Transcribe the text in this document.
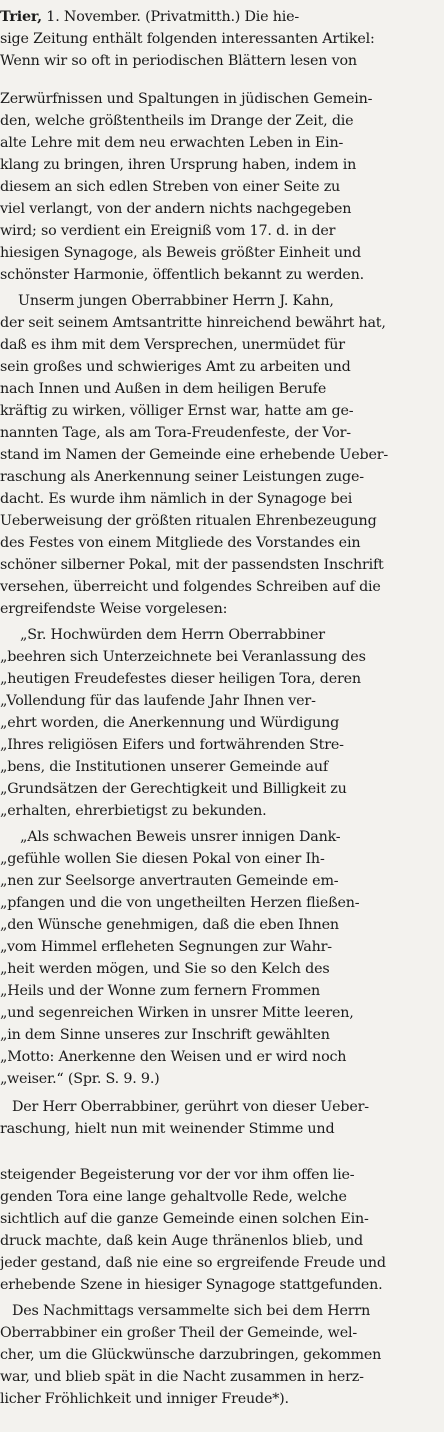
Trier, 1. November. (Privatmitth.) Die hie-
sige Zeitung enthält folgenden interessanten Artikel:
Wenn wir so oft in periodischen Blättern lesen von
Zerwürfnissen und Spaltungen in jüdischen Gemein-
den, welche größtentheils im Drange der Zeit, die
alte Lehre mit dem neu erwachten Leben in Ein-
klang zu bringen, ihren Ursprung haben, indem in
diesem an sich edlen Streben von einer Seite zu
viel verlangt, von der andern nichts nachgegeben
wird; so verdient ein Ereigniß vom 17. d. in der
hiesigen Synagoge, als Beweis größter Einheit und
schönster Harmonie, öffentlich bekannt zu werden.
Unserm jungen Oberrabbiner Herrn J. Kahn,
der seit seinem Amtsantritte hinreichend bewährt hat,
daß es ihm mit dem Versprechen, unermüdet für
sein großes und schwieriges Amt zu arbeiten und
nach Innen und Außen in dem heiligen Berufe
kräftig zu wirken, völliger Ernst war, hatte am ge-
nannten Tage, als am Tora-Freudenfeste, der Vor-
stand im Namen der Gemeinde eine erhebende Ueber-
raschung als Anerkennung seiner Leistungen zuge-
dacht. Es wurde ihm nämlich in der Synagoge bei
Ueberweisung der größten ritualen Ehrenbezeugung
des Festes von einem Mitgliede des Vorstandes ein
schöner silberner Pokal, mit der passendsten Inschrift
versehen, überreicht und folgendes Schreiben auf die
ergreifendste Weise vorgelesen:
„Sr. Hochwürden dem Herrn Oberrabbiner
„beehren sich Unterzeichnete bei Veranlassung des
„heutigen Freudefestes dieser heiligen Tora, deren
„Vollendung für das laufende Jahr Ihnen ver-
„ehrt worden, die Anerkennung und Würdigung
„Ihres religiösen Eifers und fortwährenden Stre-
„bens, die Institutionen unserer Gemeinde auf
„Grundsätzen der Gerechtigkeit und Billigkeit zu
„erhalten, ehrerbietigst zu bekunden.
„Als schwachen Beweis unsrer innigen Dank-
„gefühle wollen Sie diesen Pokal von einer Ih-
„nen zur Seelsorge anvertrauten Gemeinde em-
„pfangen und die von ungetheilten Herzen fließen-
„den Wünsche genehmigen, daß die eben Ihnen
„vom Himmel erfleheten Segnungen zur Wahr-
„heit werden mögen, und Sie so den Kelch des
„Heils und der Wonne zum fernern Frommen
„und segenreichen Wirken in unsrer Mitte leeren,
„in dem Sinne unseres zur Inschrift gewählten
„Motto: Anerkenne den Weisen und er wird noch
„weiser.“ (Spr. S. 9. 9.)
Der Herr Oberrabbiner, gerührt von dieser Ueber-
raschung, hielt nun mit weinender Stimme und
steigender Begeisterung vor der vor ihm offen lie-
genden Tora eine lange gehaltvolle Rede, welche
sichtlich auf die ganze Gemeinde einen solchen Ein-
druck machte, daß kein Auge thränenlos blieb, und
jeder gestand, daß nie eine so ergreifende Freude und
erhebende Szene in hiesiger Synagoge stattgefunden.
Des Nachmittags versammelte sich bei dem Herrn
Oberrabbiner ein großer Theil der Gemeinde, wel-
cher, um die Glückwünsche darzubringen, gekommen
war, und blieb spät in die Nacht zusammen in herz-
licher Fröhlichkeit und inniger Freude*).
